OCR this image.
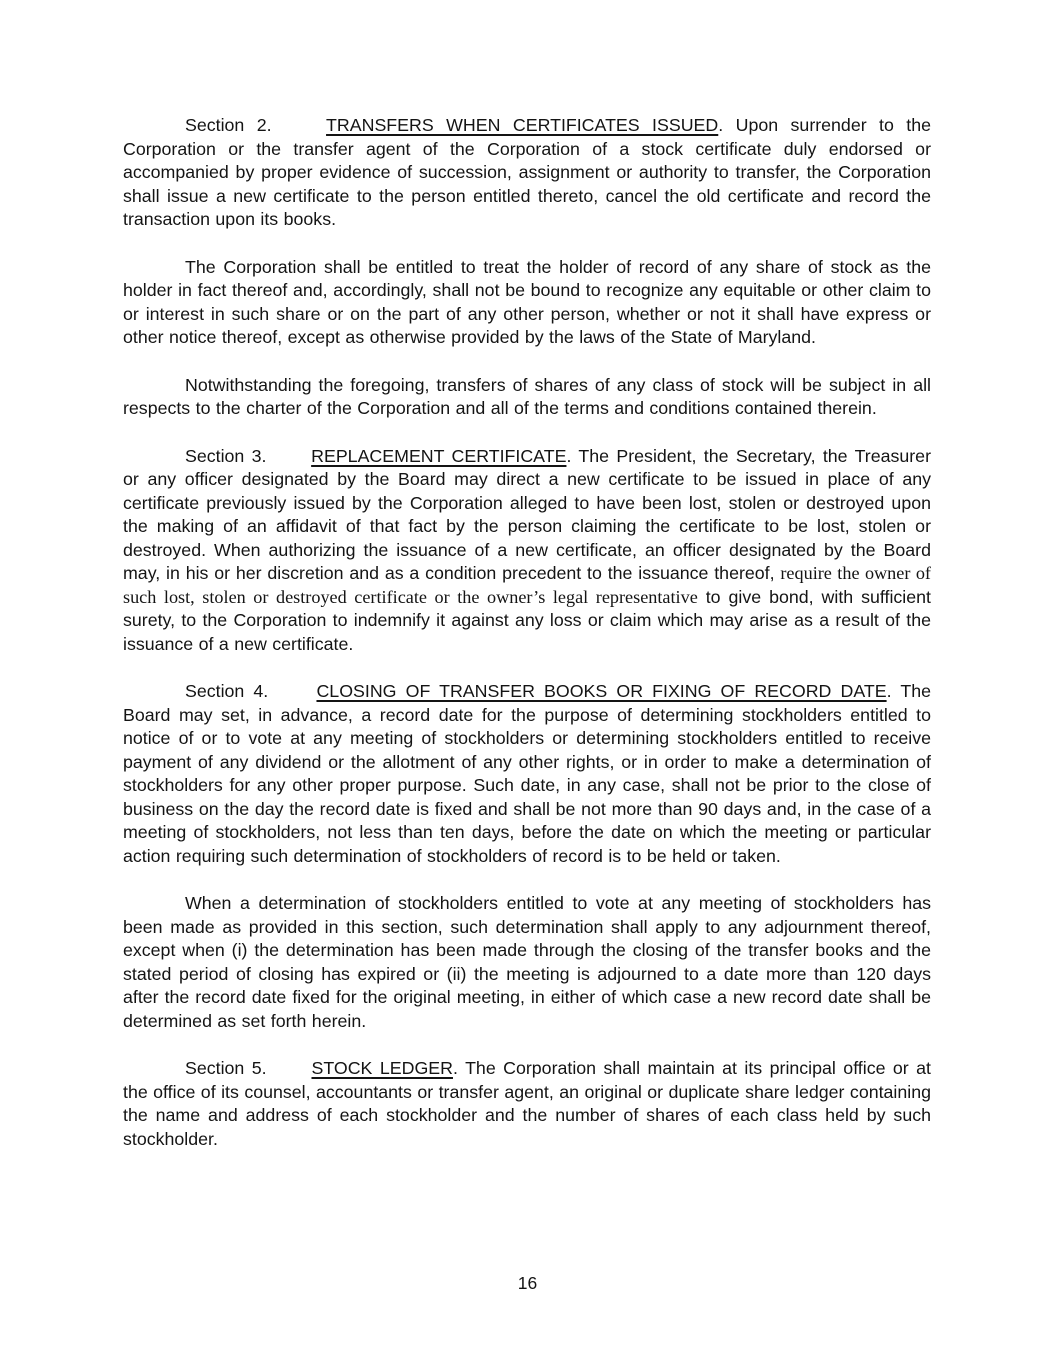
Section 2.	TRANSFERS WHEN CERTIFICATES ISSUED. Upon surrender to the Corporation or the transfer agent of the Corporation of a stock certificate duly endorsed or accompanied by proper evidence of succession, assignment or authority to transfer, the Corporation shall issue a new certificate to the person entitled thereto, cancel the old certificate and record the transaction upon its books.

The Corporation shall be entitled to treat the holder of record of any share of stock as the holder in fact thereof and, accordingly, shall not be bound to recognize any equitable or other claim to or interest in such share or on the part of any other person, whether or not it shall have express or other notice thereof, except as otherwise provided by the laws of the State of Maryland.

Notwithstanding the foregoing, transfers of shares of any class of stock will be subject in all respects to the charter of the Corporation and all of the terms and conditions contained therein.

Section 3.	REPLACEMENT CERTIFICATE. The President, the Secretary, the Treasurer or any officer designated by the Board may direct a new certificate to be issued in place of any certificate previously issued by the Corporation alleged to have been lost, stolen or destroyed upon the making of an affidavit of that fact by the person claiming the certificate to be lost, stolen or destroyed. When authorizing the issuance of a new certificate, an officer designated by the Board may, in his or her discretion and as a condition precedent to the issuance thereof, require the owner of such lost, stolen or destroyed certificate or the owner’s legal representative to give bond, with sufficient surety, to the Corporation to indemnify it against any loss or claim which may arise as a result of the issuance of a new certificate.

Section 4.	CLOSING OF TRANSFER BOOKS OR FIXING OF RECORD DATE. The Board may set, in advance, a record date for the purpose of determining stockholders entitled to notice of or to vote at any meeting of stockholders or determining stockholders entitled to receive payment of any dividend or the allotment of any other rights, or in order to make a determination of stockholders for any other proper purpose. Such date, in any case, shall not be prior to the close of business on the day the record date is fixed and shall be not more than 90 days and, in the case of a meeting of stockholders, not less than ten days, before the date on which the meeting or particular action requiring such determination of stockholders of record is to be held or taken.

When a determination of stockholders entitled to vote at any meeting of stockholders has been made as provided in this section, such determination shall apply to any adjournment thereof, except when (i) the determination has been made through the closing of the transfer books and the stated period of closing has expired or (ii) the meeting is adjourned to a date more than 120 days after the record date fixed for the original meeting, in either of which case a new record date shall be determined as set forth herein.

Section 5.	STOCK LEDGER. The Corporation shall maintain at its principal office or at the office of its counsel, accountants or transfer agent, an original or duplicate share ledger containing the name and address of each stockholder and the number of shares of each class held by such stockholder.

16
